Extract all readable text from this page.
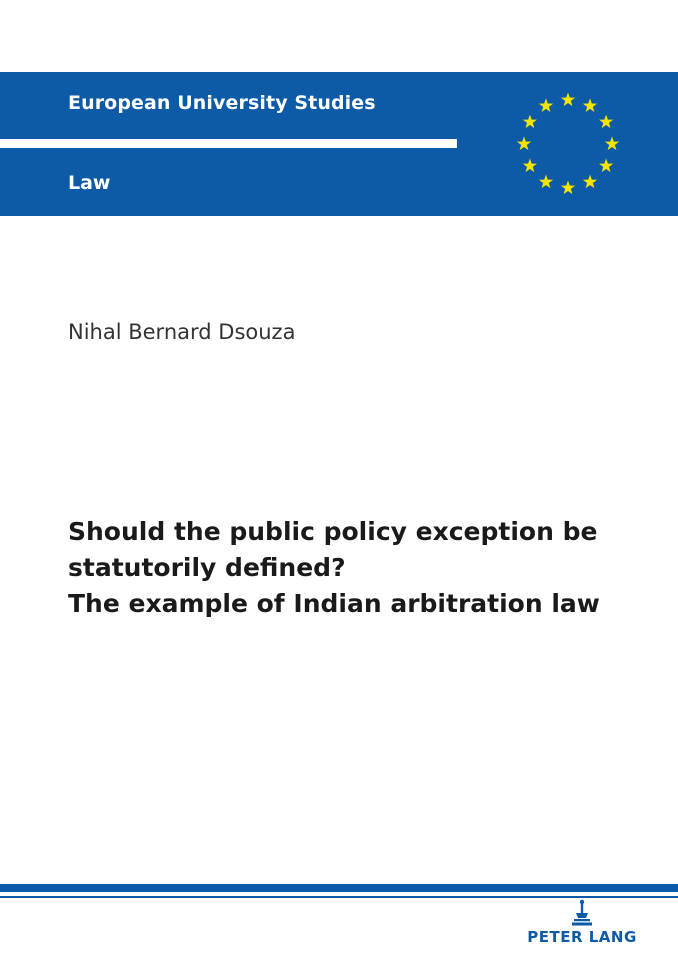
European University Studies
Law
Nihal Bernard Dsouza
Should the public policy exception be
statutorily defined?
The example of Indian arbitration law
PETER LANG
